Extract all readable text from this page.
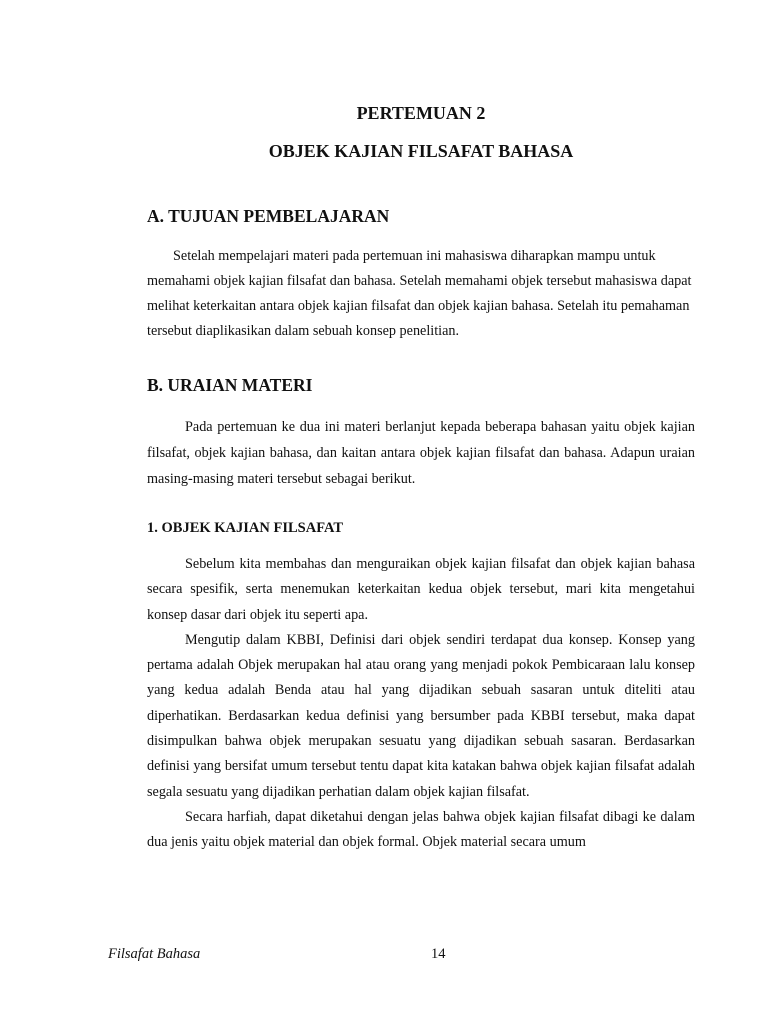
PERTEMUAN 2
OBJEK KAJIAN FILSAFAT BAHASA
A. TUJUAN PEMBELAJARAN

Setelah mempelajari materi pada pertemuan ini mahasiswa diharapkan mampu untuk memahami objek kajian filsafat dan bahasa. Setelah memahami objek tersebut mahasiswa dapat melihat keterkaitan antara objek kajian filsafat dan objek kajian bahasa. Setelah itu pemahaman tersebut diaplikasikan dalam sebuah konsep penelitian.

B. URAIAN MATERI

Pada pertemuan ke dua ini materi berlanjut kepada beberapa bahasan yaitu objek kajian filsafat, objek kajian bahasa, dan kaitan antara objek kajian filsafat dan bahasa. Adapun uraian masing-masing materi tersebut sebagai berikut.

1. OBJEK KAJIAN FILSAFAT

Sebelum kita membahas dan menguraikan objek kajian filsafat dan objek kajian bahasa secara spesifik, serta menemukan keterkaitan kedua objek tersebut, mari kita mengetahui konsep dasar dari objek itu seperti apa.

Mengutip dalam KBBI, Definisi dari objek sendiri terdapat dua konsep. Konsep yang pertama adalah Objek merupakan hal atau orang yang menjadi pokok Pembicaraan lalu konsep yang kedua adalah Benda atau hal yang dijadikan sebuah sasaran untuk diteliti atau diperhatikan. Berdasarkan kedua definisi yang bersumber pada KBBI tersebut, maka dapat disimpulkan bahwa objek merupakan sesuatu yang dijadikan sebuah sasaran. Berdasarkan definisi yang bersifat umum tersebut tentu dapat kita katakan bahwa objek kajian filsafat adalah segala sesuatu yang dijadikan perhatian dalam objek kajian filsafat.

Secara harfiah, dapat diketahui dengan jelas bahwa objek kajian filsafat dibagi ke dalam dua jenis yaitu objek material dan objek formal. Objek material secara umum

Filsafat Bahasa	14
